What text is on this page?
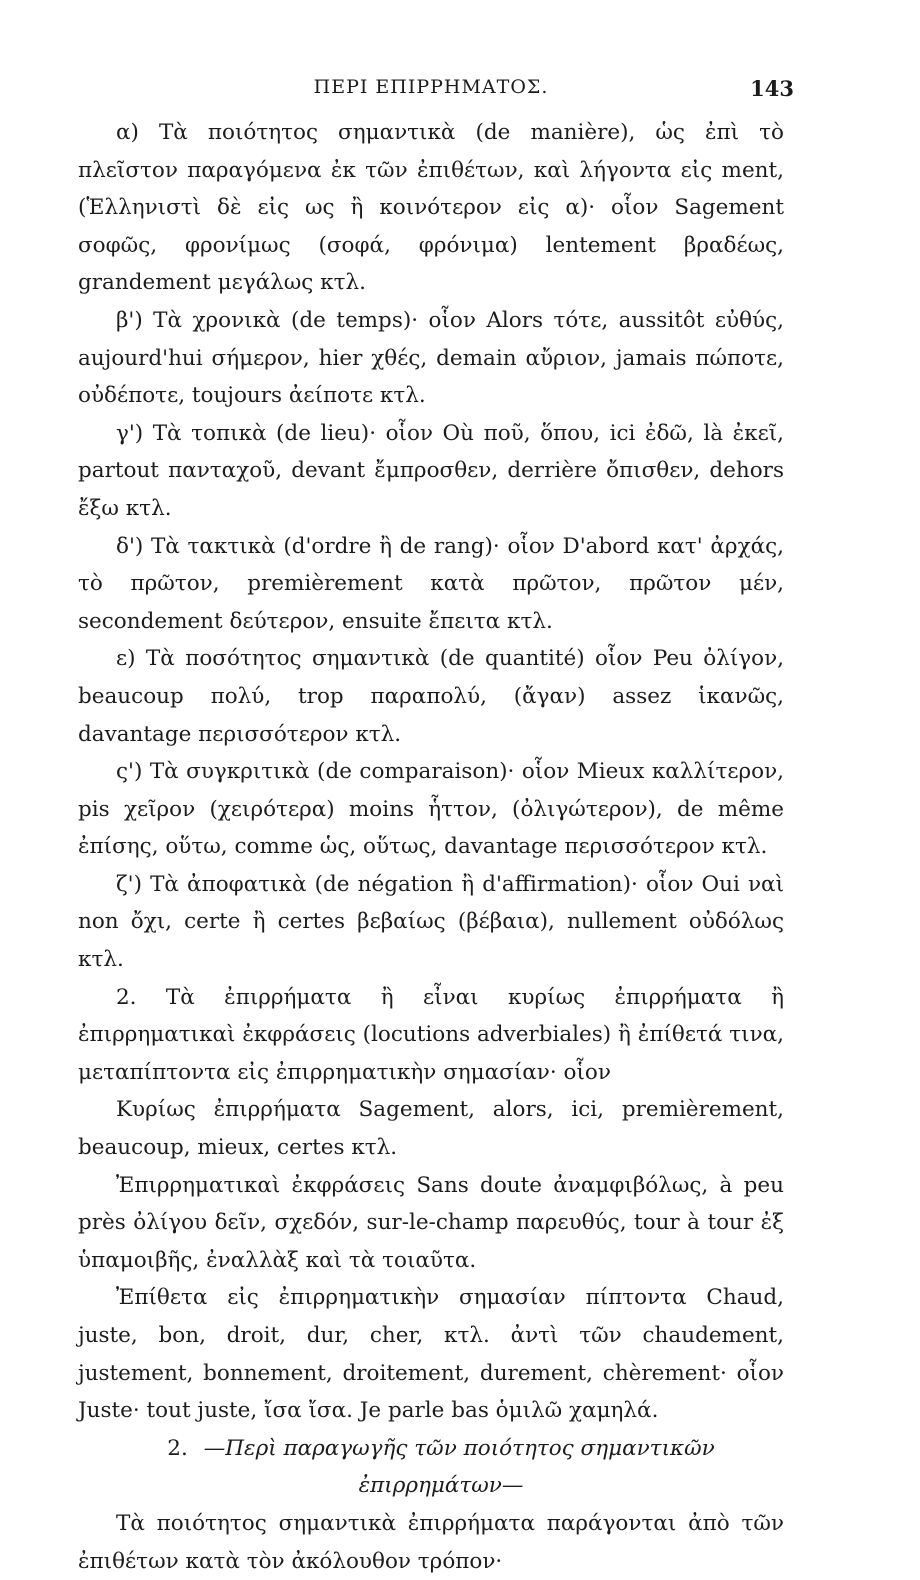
ΠΕΡΙ ΕΠΙΡΡΗΜΑΤΟΣ.	143

α) Τὰ ποιότητος σημαντικὰ (de manière), ὡς ἐπὶ τὸ πλεῖστον παραγόμενα ἐκ τῶν ἐπιθέτων, καὶ λήγοντα εἰς ment, (Ἑλληνιστὶ δὲ εἰς ως ἢ κοινότερον εἰς α)· οἷον Sagement σοφῶς, φρονίμως (σοφά, φρόνιμα) lentement βραδέως, grandement μεγάλως κτλ.

β') Τὰ χρονικὰ (de temps)· οἷον Alors τότε, aussitôt εὐθύς, aujourd'hui σήμερον, hier χθές, demain αὔριον, jamais πώποτε, οὐδέποτε, toujours ἀείποτε κτλ.

γ') Τὰ τοπικὰ (de lieu)· οἷον Où ποῦ, ὅπου, ici ἐδῶ, là ἐκεῖ, partout πανταχοῦ, devant ἔμπροσθεν, derrière ὄπισθεν, dehors ἔξω κτλ.

δ') Τὰ τακτικὰ (d'ordre ἢ de rang)· οἷον D'abord κατ' ἀρχάς, τὸ πρῶτον, premièrement κατὰ πρῶτον, πρῶτον μέν, secondement δεύτερον, ensuite ἔπειτα κτλ.

ε) Τὰ ποσότητος σημαντικὰ (de quantité) οἷον Peu ὀλίγον, beaucoup πολύ, trop παραπολύ, (ἄγαν) assez ἱκανῶς, davantage περισσότερον κτλ.

ς') Τὰ συγκριτικὰ (de comparaison)· οἷον Mieux καλλίτερον, pis χεῖρον (χειρότερα) moins ἧττον, (ὀλιγώτερον), de même ἐπίσης, οὕτω, comme ὡς, οὕτως, davantage περισσότερον κτλ.

ζ') Τὰ ἀποφατικὰ (de négation ἢ d'affirmation)· οἷον Oui ναὶ non ὄχι, certe ἢ certes βεβαίως (βέβαια), nullement οὐδόλως κτλ.

2. Τὰ ἐπιρρήματα ἢ εἶναι κυρίως ἐπιρρήματα ἢ ἐπιρρηματικαὶ ἐκφράσεις (locutions adverbiales) ἢ ἐπίθετά τινα, μεταπίπτοντα εἰς ἐπιρρηματικὴν σημασίαν· οἷον

Κυρίως ἐπιρρήματα Sagement, alors, ici, premièrement, beaucoup, mieux, certes κτλ.

Ἐπιρρηματικαὶ ἐκφράσεις Sans doute ἀναμφιβόλως, à peu près ὀλίγου δεῖν, σχεδόν, sur-le-champ παρευθύς, tour à tour ἐξ ὑπαμοιβῆς, ἐναλλὰξ καὶ τὰ τοιαῦτα.

Ἐπίθετα εἰς ἐπιρρηματικὴν σημασίαν πίπτοντα Chaud, juste, bon, droit, dur, cher, κτλ. ἀντὶ τῶν chaudement, justement, bonnement, droitement, durement, chèrement· οἷον Juste· tout juste, ἴσα ἴσα. Je parle bas ὁμιλῶ χαμηλά.

2. —Περὶ παραγωγῆς τῶν ποιότητος σημαντικῶν ἐπιρρημάτων—

Τὰ ποιότητος σημαντικὰ ἐπιρρήματα παράγονται ἀπὸ τῶν ἐπιθέτων κατὰ τὸν ἀκόλουθον τρόπον·
